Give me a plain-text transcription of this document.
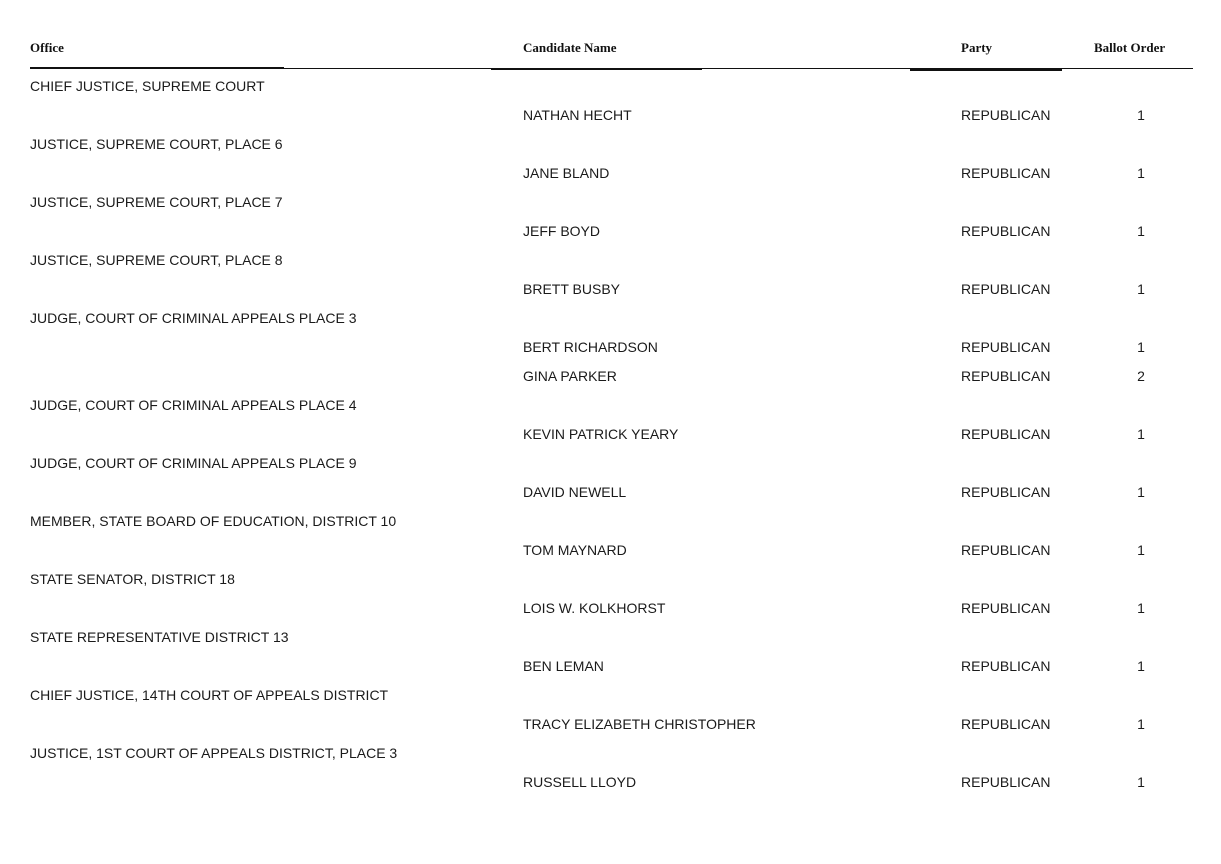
Office	Candidate Name	Party	Ballot Order
CHIEF JUSTICE, SUPREME COURT
NATHAN HECHT	REPUBLICAN	1
JUSTICE, SUPREME COURT, PLACE 6
JANE BLAND	REPUBLICAN	1
JUSTICE, SUPREME COURT, PLACE 7
JEFF BOYD	REPUBLICAN	1
JUSTICE, SUPREME COURT, PLACE 8
BRETT BUSBY	REPUBLICAN	1
JUDGE, COURT OF CRIMINAL APPEALS PLACE 3
BERT RICHARDSON	REPUBLICAN	1
GINA PARKER	REPUBLICAN	2
JUDGE, COURT OF CRIMINAL APPEALS PLACE 4
KEVIN PATRICK YEARY	REPUBLICAN	1
JUDGE, COURT OF CRIMINAL APPEALS PLACE 9
DAVID NEWELL	REPUBLICAN	1
MEMBER, STATE BOARD OF EDUCATION, DISTRICT 10
TOM MAYNARD	REPUBLICAN	1
STATE SENATOR, DISTRICT 18
LOIS W. KOLKHORST	REPUBLICAN	1
STATE REPRESENTATIVE DISTRICT 13
BEN LEMAN	REPUBLICAN	1
CHIEF JUSTICE, 14TH COURT OF APPEALS DISTRICT
TRACY ELIZABETH CHRISTOPHER	REPUBLICAN	1
JUSTICE, 1ST COURT OF APPEALS DISTRICT, PLACE 3
RUSSELL LLOYD	REPUBLICAN	1
